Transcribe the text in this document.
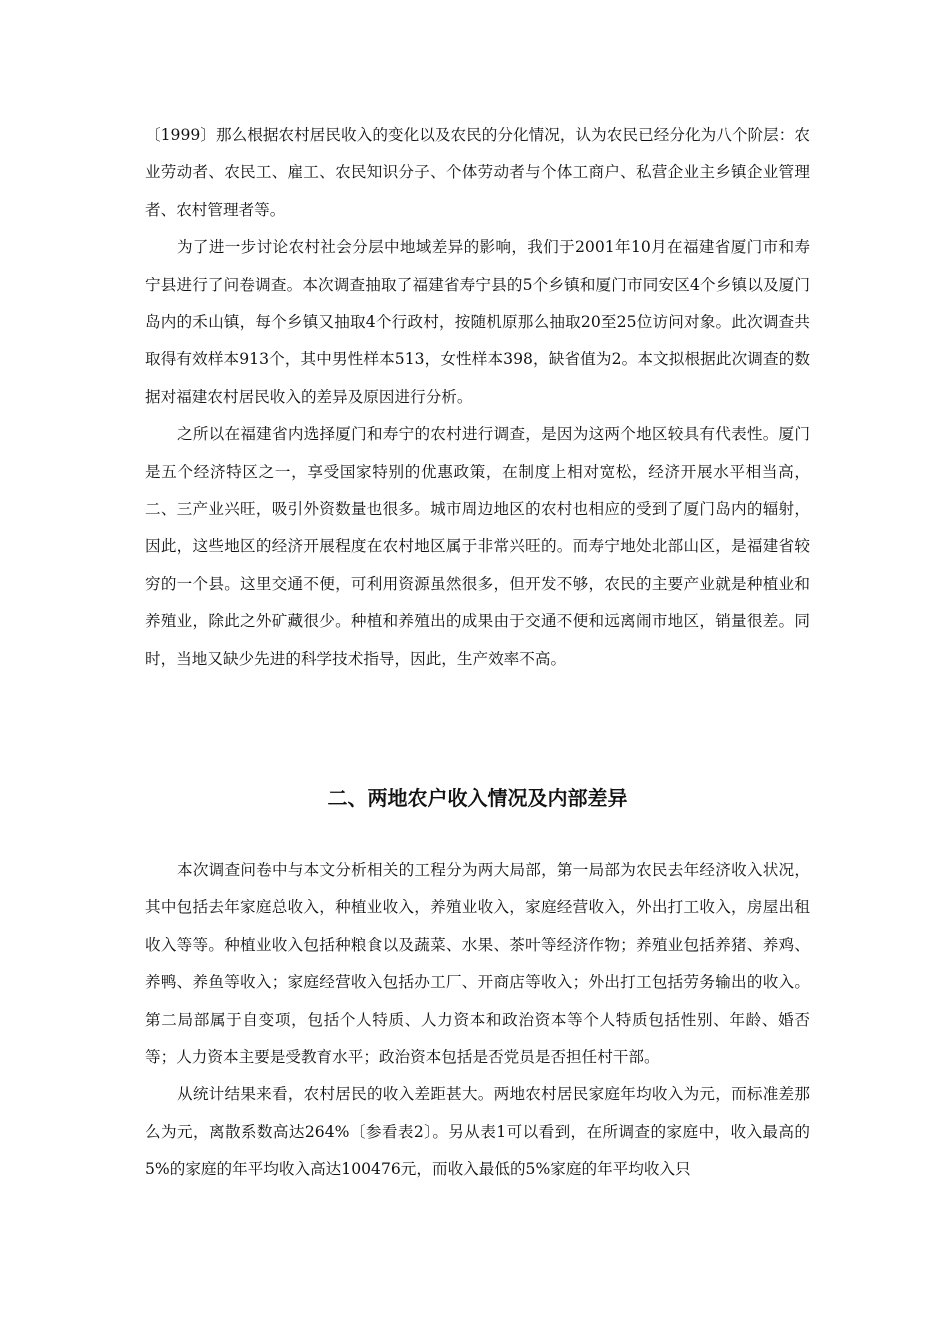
〔1999〕那么根据农村居民收入的变化以及农民的分化情况，认为农民已经分化为八个阶层：农业劳动者、农民工、雇工、农民知识分子、个体劳动者与个体工商户、私营企业主乡镇企业管理者、农村管理者等。

为了进一步讨论农村社会分层中地域差异的影响，我们于2001年10月在福建省厦门市和寿宁县进行了问卷调查。本次调查抽取了福建省寿宁县的5个乡镇和厦门市同安区4个乡镇以及厦门岛内的禾山镇，每个乡镇又抽取4个行政村，按随机原那么抽取20至25位访问对象。此次调查共取得有效样本913个，其中男性样本513，女性样本398，缺省值为2。本文拟根据此次调查的数据对福建农村居民收入的差异及原因进行分析。

之所以在福建省内选择厦门和寿宁的农村进行调查，是因为这两个地区较具有代表性。厦门是五个经济特区之一，享受国家特别的优惠政策，在制度上相对宽松，经济开展水平相当高，二、三产业兴旺，吸引外资数量也很多。城市周边地区的农村也相应的受到了厦门岛内的辐射，因此，这些地区的经济开展程度在农村地区属于非常兴旺的。而寿宁地处北部山区，是福建省较穷的一个县。这里交通不便，可利用资源虽然很多，但开发不够，农民的主要产业就是种植业和养殖业，除此之外矿藏很少。种植和养殖出的成果由于交通不便和远离闹市地区，销量很差。同时，当地又缺少先进的科学技术指导，因此，生产效率不高。

二、两地农户收入情况及内部差异

本次调查问卷中与本文分析相关的工程分为两大局部，第一局部为农民去年经济收入状况，其中包括去年家庭总收入，种植业收入，养殖业收入，家庭经营收入，外出打工收入，房屋出租收入等等。种植业收入包括种粮食以及蔬菜、水果、茶叶等经济作物；养殖业包括养猪、养鸡、养鸭、养鱼等收入；家庭经营收入包括办工厂、开商店等收入；外出打工包括劳务输出的收入。第二局部属于自变项，包括个人特质、人力资本和政治资本等个人特质包括性别、年龄、婚否等；人力资本主要是受教育水平；政治资本包括是否党员是否担任村干部。

从统计结果来看，农村居民的收入差距甚大。两地农村居民家庭年均收入为元，而标准差那么为元，离散系数高达264%〔参看表2〕。另从表1可以看到，在所调查的家庭中，收入最高的5%的家庭的年平均收入高达100476元，而收入最低的5%家庭的年平均收入只
